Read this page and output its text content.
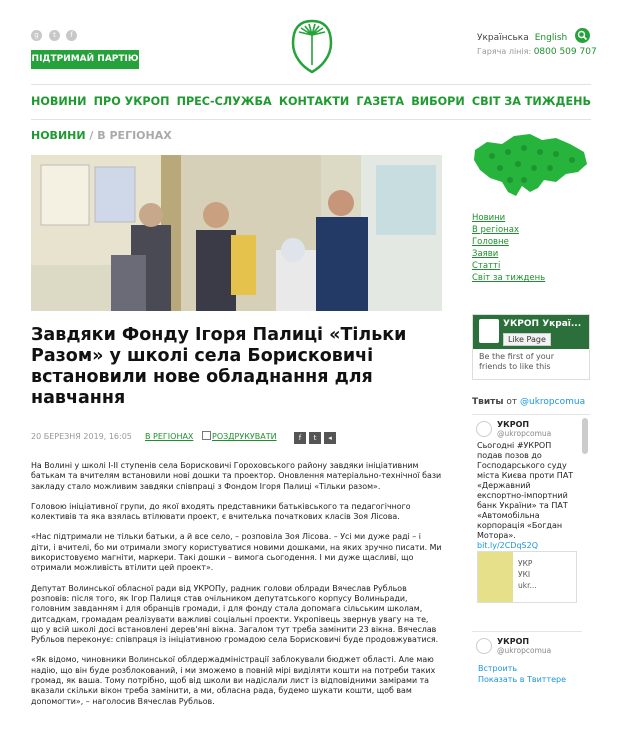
g	t	f
ПІДТРИМАЙ ПАРТІЮ
Українська English
Гаряча лінія: 0800 509 707
НОВИНИ ПРО УКРОП ПРЕС-СЛУЖБА КОНТАКТИ ГАЗЕТА ВИБОРИ СВІТ ЗА ТИЖДЕНЬ
НОВИНИ / В РЕГІОНАХ
Завдяки Фонду Ігоря Палиці «Тільки Разом» у школі села Борисковичі встановили нове обладнання для навчання
20 БЕРЕЗНЯ 2019, 16:05 В РЕГІОНАХ РОЗДРУКУВАТИ	f	t	◂

На Волині у школі І-ІІ ступенів села Борисковичі Гороховського району завдяки ініціативним батькам та вчителям встановили нові дошки та проектор. Оновлення матеріально-технічної бази закладу стало можливим завдяки співпраці з Фондом Ігоря Палиці «Тільки разом».

Головою ініціативної групи, до якої входять представники батьківського та педагогічного колективів та яка взялась втілювати проект, є вчителька початкових класів Зоя Лісова.

«Нас підтримали не тільки батьки, а й все село, – розповіла Зоя Лісова. – Усі ми дуже раді – і діти, і вчителі, бо ми отримали змогу користуватися новими дошками, на яких зручно писати. Ми використовуємо магніти, маркери. Такі дошки – вимога сьогодення. І ми дуже щасливі, що отримали можливість втілити цей проект».

Депутат Волинської обласної ради від УКРОПу, радник голови облради Вячеслав Рубльов розповів: після того, як Ігор Палиця став очільником депутатського корпусу Волиньради, головним завданням і для обранців громади, і для фонду стала допомага сільським школам, дитсадкам, громадам реалізувати важливі соціальні проекти. Укропівець звернув увагу на те, що у всій школі досі встановлені дерев'яні вікна. Загалом тут треба замінити 23 вікна. Вячеслав Рубльов переконує: співпраця із ініціативною громадою села Борисковичі буде продовжуватися.

«Як відомо, чиновники Волинської облдержадміністрації заблокували бюджет області. Але маю надію, що він буде розблокований, і ми зможемо в повній мірі виділяти кошти на потреби таких громад, як ваша. Тому потрібно, щоб від школи ви надіслали лист із відповідними замірами та вказали скільки вікон треба замінити, а ми, обласна рада, будемо шукати кошти, щоб вам допомогти», – наголосив Вячеслав Рубльов.

Новини
В регіонах
Головне
Заяви
Статті
Світ за тиждень
УКРОП Украї...
Like Page
Be the first of your friends to like this
Твиты от @ukropcomua
УКРОП
@ukropcomua
Сьогодні #УКРОП подав позов до Господарського суду міста Києва проти ПАТ «Державний експортно-імпортний банк України» та ПАТ «Автомобільна корпорація «Богдан Мотора». bit.ly/2CDqS2Q
УКР
УКІ
ukr...
УКРОП
@ukropcomua
Встроить
Показать в Твиттере
